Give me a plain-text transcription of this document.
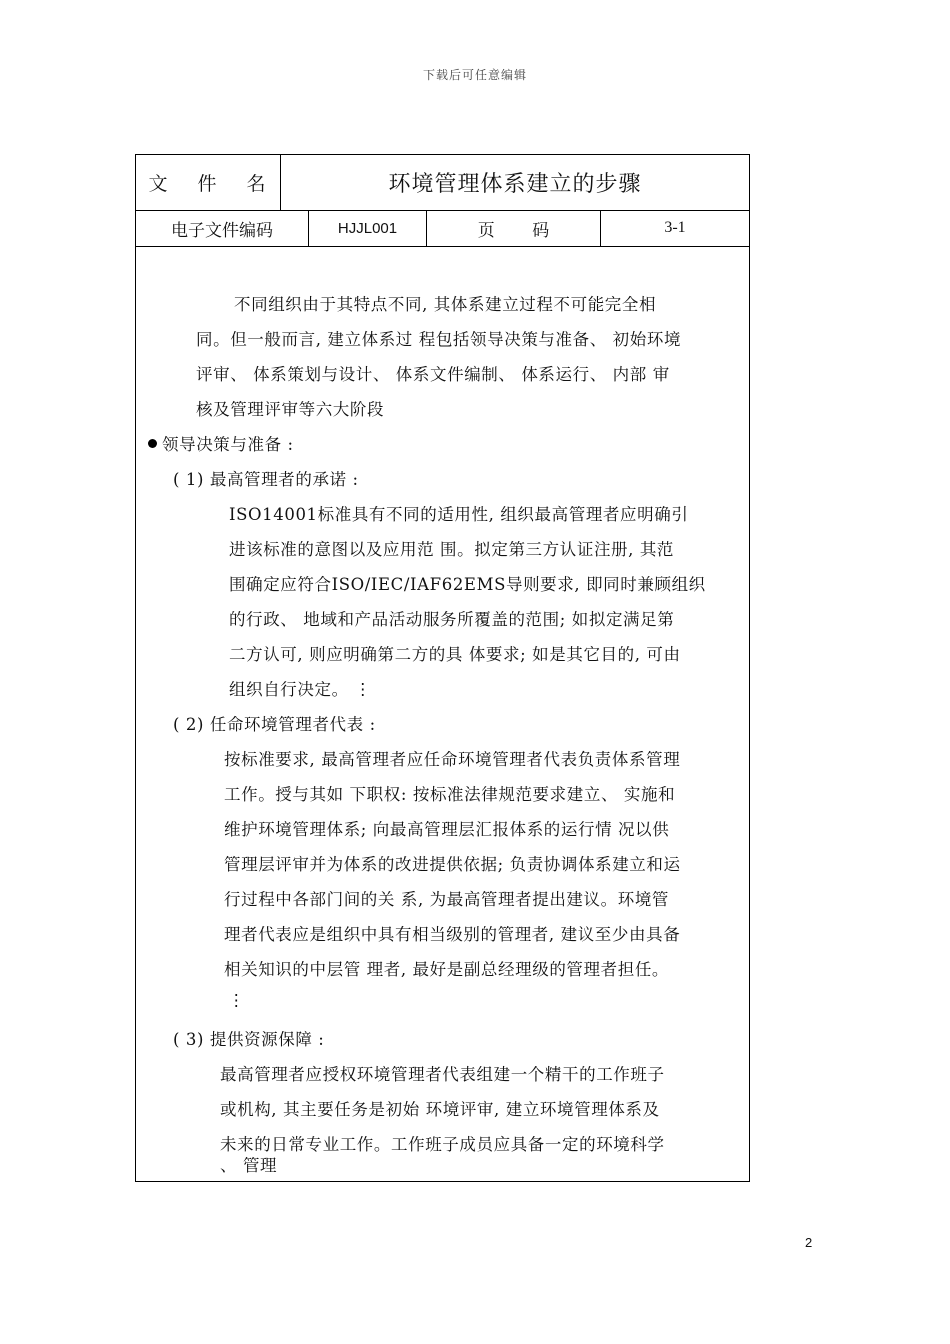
下载后可任意编辑
文 件 名	环境管理体系建立的步骤
电子文件编码	HJJL001	页 码	3-1
不同组织由于其特点不同, 其体系建立过程不可能完全相
同。但一般而言, 建立体系过 程包括领导决策与准备、 初始环境
评审、 体系策划与设计、 体系文件编制、 体系运行、 内部 审
核及管理评审等六大阶段
领导决策与准备 :
( 1) 最高管理者的承诺 :
ISO14001标准具有不同的适用性, 组织最高管理者应明确引
进该标准的意图以及应用范 围。拟定第三方认证注册, 其范
围确定应符合ISO/IEC/IAF62EMS导则要求, 即同时兼顾组织
的行政、 地域和产品活动服务所覆盖的范围; 如拟定满足第
二方认可, 则应明确第二方的具 体要求; 如是其它目的, 可由
组织自行决定。 ⋮
( 2) 任命环境管理者代表 :
按标准要求, 最高管理者应任命环境管理者代表负责体系管理
工作。授与其如 下职权: 按标准法律规范要求建立、 实施和
维护环境管理体系; 向最高管理层汇报体系的运行情 况以供
管理层评审并为体系的改进提供依据; 负责协调体系建立和运
行过程中各部门间的关 系, 为最高管理者提出建议。环境管
理者代表应是组织中具有相当级别的管理者, 建议至少由具备
相关知识的中层管 理者, 最好是副总经理级的管理者担任。
⋮
( 3) 提供资源保障 :
最高管理者应授权环境管理者代表组建一个精干的工作班子
或机构, 其主要任务是初始 环境评审, 建立环境管理体系及
未来的日常专业工作。工作班子成员应具备一定的环境科学
、 管理
2
